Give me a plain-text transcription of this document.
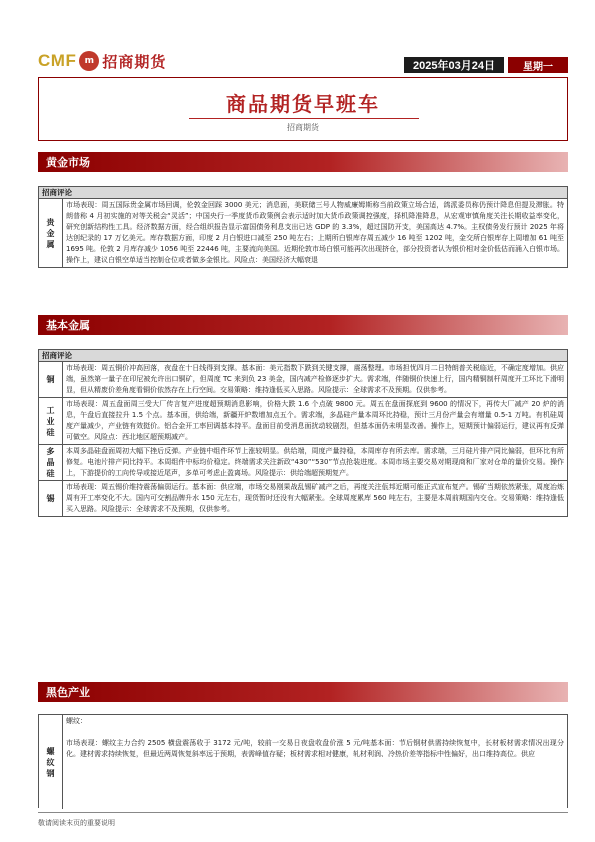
CMF m 招商期货	2025年03月24日	星期一
商品期货早班车
招商期货
黄金市场
招商评论
贵金属
市场表现：周五国际贵金属市场回调，伦敦金回踩 3000 美元；消息面，美联储三号人物威廉姆斯称当前政策立场合适，鸽派委员称仍预计降息但提及滞胀。特朗普称 4 月初实施的对等关税会“灵活”；中国央行一季度货币政策例会表示适时加大货币政策调控强度，择机降准降息，从宏观审慎角度关注长期收益率变化，研究创新结构性工具。经济数据方面，经合组织报告显示富国债务利息支出已达 GDP 的 3.3%，超过国防开支，美国高达 4.7%。主权债务发行预计 2025 年将达创纪录的 17 万亿美元。库存数据方面，印度 2 月白银进口减至 250 吨左右；上期所白银库存周五减少 16 吨至 1202 吨，金交所白银库存上周增加 61 吨至 1695 吨。伦敦 2 月库存减少 1056 吨至 22446 吨，主要流向美国。近期伦敦市场白银可能再次出现挤仓，部分投资者认为银价相对金价低估而涌入白银市场。操作上，建议白银空单适当控制仓位或者做多金银比。风险点：美国经济大幅衰退
基本金属
招商评论
铜
市场表现：周五铜价冲高回落，夜盘在十日线得到支撑。基本面：美元指数下跌到关键支撑，震荡整理。市场担忧四月二日特朗普关税临近，不确定度增加。供应端，虽然第一量子在印尼被允许出口铜矿，但周度 TC 来到负 23 美金，国内减产检修逐步扩大。需求端，伴随铜价快速上行，国内精铜制杆周度开工环比下滑明显，但从精废价差角度看铜价依然存在上行空间。交易策略：维持逢低买入思路。风险提示：全球需求不及预期。仅供参考。
工业硅
市场表现：周五盘面周三受大厂传言复产进度超预期消息影响，价格大跌 1.6 个点破 9800 元。周五在盘面探底到 9600 的情况下，再传大厂减产 20 炉的消息，午盘后直接拉升 1.5 个点。基本面，供给端，新疆开炉数增加点五个。需求端，多晶硅产量本周环比持稳，预计三月份产量会有增量 0.5-1 万吨。有机硅周度产量减少，产业链有效挺价。铝合金开工率回调基本持平。盘面目前受消息面扰动较剧烈，但基本面仍未明显改善。操作上，短期预计偏弱运行，建议再有反弹可做空。风险点：西北地区超预期减产。
多晶硅
本周多晶硅盘面周初大幅下挫后反弹。产业链中组件环节上涨较明显。供给端，周度产量持稳，本周库存有所去库。需求端，三月硅片排产同比偏弱，但环比有所修复。电池片排产同比持平。本周组件中标均价稳定。终端需求关注新政“430”“530”节点抢装进度。本周市场主要交易对期现商和厂家对仓单的量价交易。操作上，下游提价的工向传导或接近尾声，多单可考虑止盈离场。风险提示：供给端超预期复产。
锡
市场表现：周五锡价维持震荡偏弱运行。基本面：供应端，市场交易刚果战乱锡矿减产之后，再度关注佤邦近期可能正式宣布复产。锡矿当期依然紧张，周度冶炼周有开工率变化不大。国内可交割品牌升水 150 元左右，现货暂时还没有大幅紧张。全球周度累库 560 吨左右，主要是本周前期国内交仓。交易策略：维持逢低买入思路。风险提示：全球需求不及预期，仅供参考。
黑色产业
螺纹钢
螺纹：
市场表现：螺纹主力合约 2505 横盘震荡收于 3172 元/吨，较前一交易日夜盘收盘价涨 5 元/吨基本面：节后钢材供需持续恢复中，长材板材需求情况出现分化。建材需求持续恢复，但最近两周恢复斜率远于预期，表需峰值存疑；板材需求相对健康，轧材利润、冷热价差等指标中性偏好，出口维持高位。供应
敬请阅读末页的重要说明
